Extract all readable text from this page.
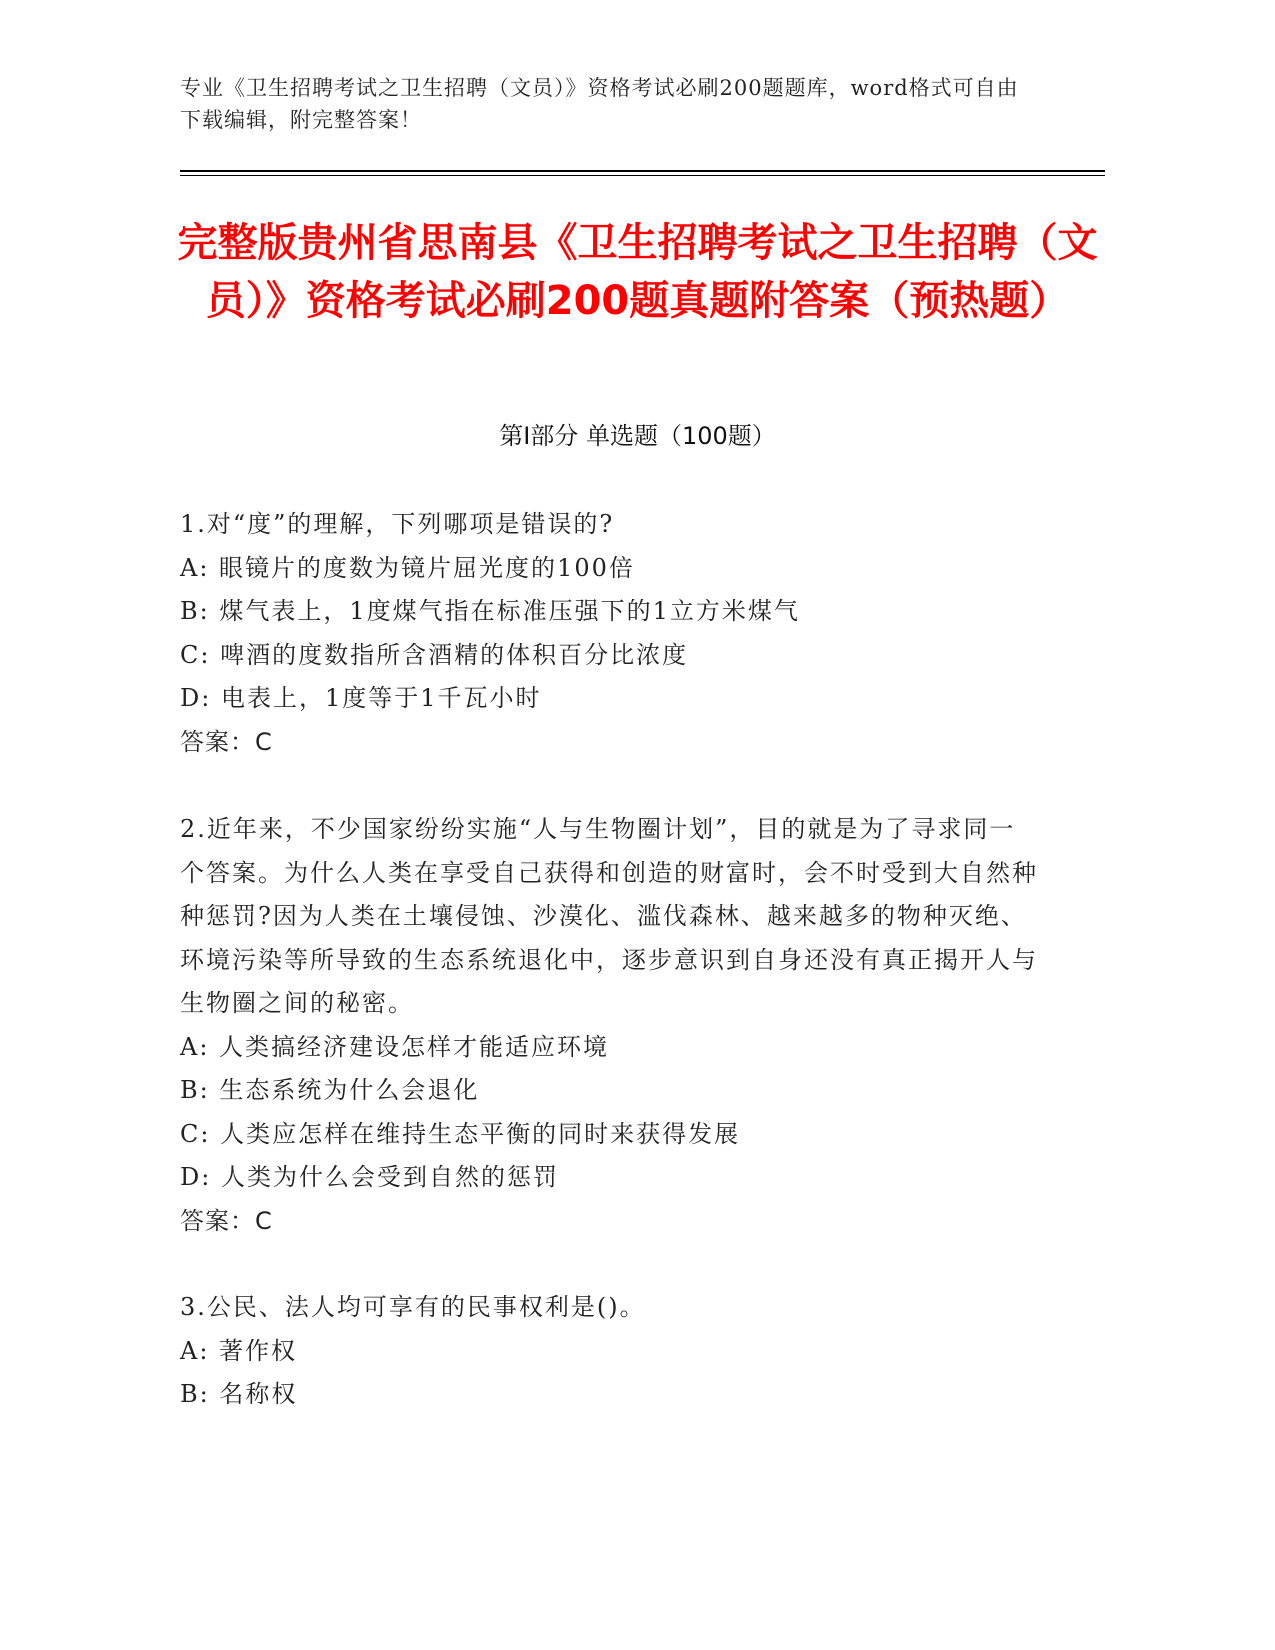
专业《卫生招聘考试之卫生招聘（文员）》资格考试必刷200题题库，word格式可自由下载编辑，附完整答案！
完整版贵州省思南县《卫生招聘考试之卫生招聘（文员）》资格考试必刷200题真题附答案（预热题）
第I部分 单选题（100题）
1.对“度”的理解，下列哪项是错误的?
A: 眼镜片的度数为镜片屈光度的100倍
B: 煤气表上，1度煤气指在标准压强下的1立方米煤气
C: 啤酒的度数指所含酒精的体积百分比浓度
D: 电表上，1度等于1千瓦小时
答案：C
2.近年来，不少国家纷纷实施“人与生物圈计划”，目的就是为了寻求同一个答案。为什么人类在享受自己获得和创造的财富时，会不时受到大自然种种惩罚?因为人类在土壤侵蚀、沙漠化、滥伐森林、越来越多的物种灭绝、环境污染等所导致的生态系统退化中，逐步意识到自身还没有真正揭开人与生物圈之间的秘密。
A: 人类搞经济建设怎样才能适应环境
B: 生态系统为什么会退化
C: 人类应怎样在维持生态平衡的同时来获得发展
D: 人类为什么会受到自然的惩罚
答案：C
3.公民、法人均可享有的民事权利是()。
A: 著作权
B: 名称权
